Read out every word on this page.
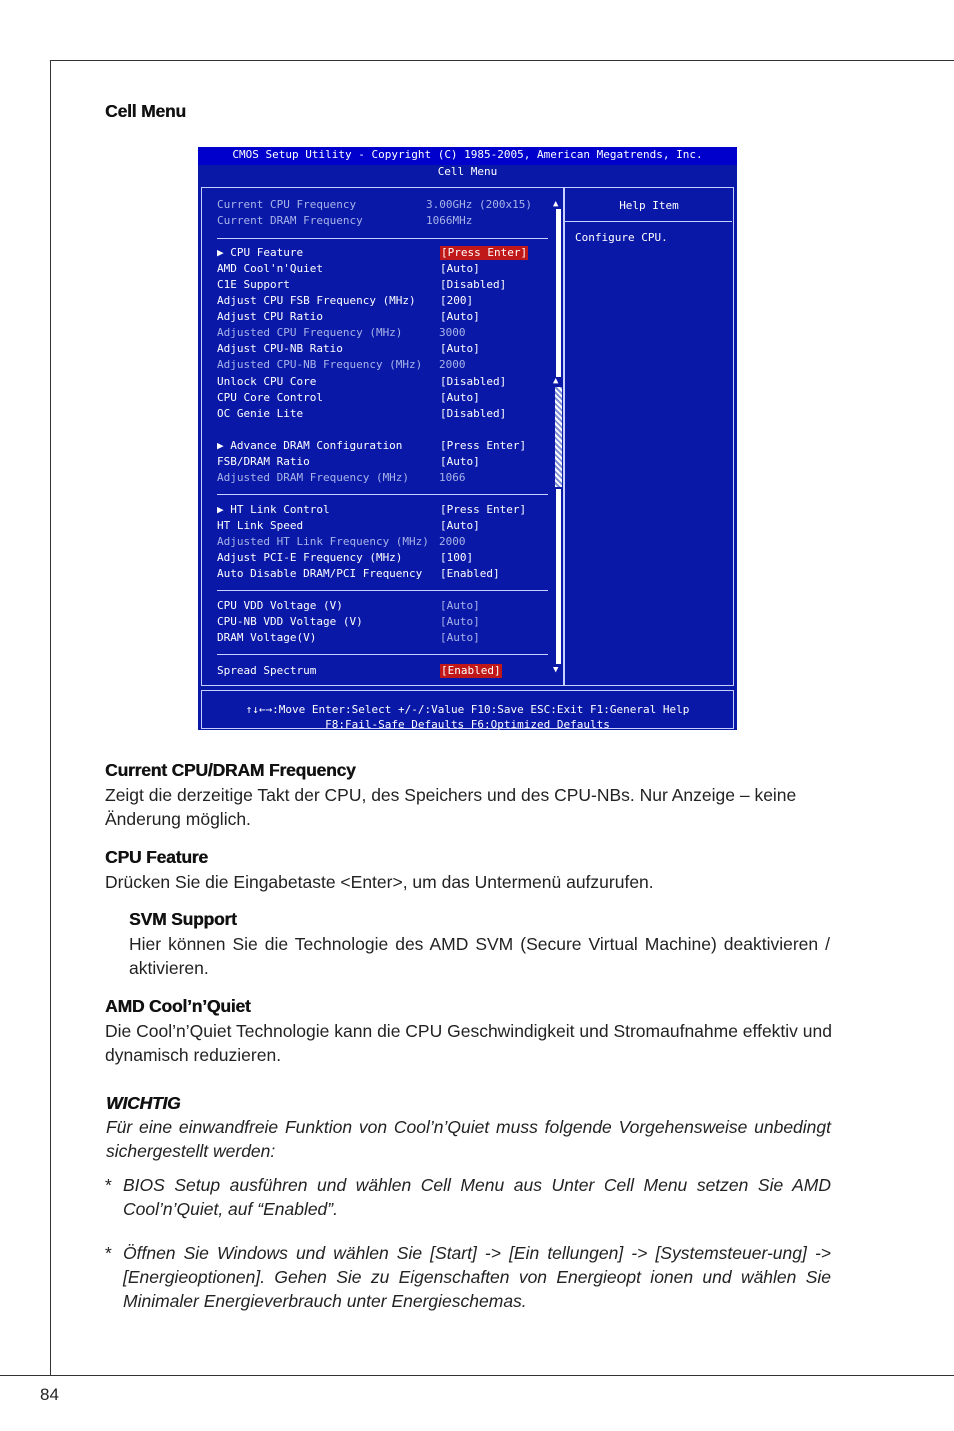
Cell Menu
CMOS Setup Utility - Copyright (C) 1985-2005, American Megatrends, Inc.
Cell Menu
Current CPU Frequency	3.00GHz (200x15)
Current DRAM Frequency	1066MHz
▶ CPU Feature	[Press Enter]
AMD Cool'n'Quiet	[Auto]
C1E Support	[Disabled]
Adjust CPU FSB Frequency (MHz) [200]
Adjust CPU Ratio	[Auto]
Adjusted CPU Frequency (MHz)	3000
Adjust CPU-NB Ratio	[Auto]
Adjusted CPU-NB Frequency (MHz) 2000
Unlock CPU Core	[Disabled]
CPU Core Control	[Auto]
OC Genie Lite	[Disabled]
▶ Advance DRAM Configuration	[Press Enter]
FSB/DRAM Ratio	[Auto]
Adjusted DRAM Frequency (MHz)	1066
▶ HT Link Control	[Press Enter]
HT Link Speed	[Auto]
Adjusted HT Link Frequency (MHz) 2000
Adjust PCI-E Frequency (MHz)	[100]
Auto Disable DRAM/PCI Frequency [Enabled]
CPU VDD Voltage (V)	[Auto]
CPU-NB VDD Voltage (V)	[Auto]
DRAM Voltage(V)	[Auto]
Spread Spectrum	[Enabled]
▲
▲
▼
Help Item
Configure CPU.
↑↓←→:Move Enter:Select +/-/:Value F10:Save ESC:Exit F1:General Help
F8:Fail-Safe Defaults F6:Optimized Defaults
Current CPU/DRAM Frequency
Zeigt die derzeitige Takt der CPU, des Speichers und des CPU-NBs. Nur Anzeige – keine Änderung möglich.
CPU Feature
Drücken Sie die Eingabetaste <Enter>, um das Untermenü aufzurufen.
SVM Support
Hier können Sie die Technologie des AMD SVM (Secure Virtual Machine) deaktivieren / aktivieren.
AMD Cool’n’Quiet
Die Cool’n’Quiet Technologie kann die CPU Geschwindigkeit und Stromaufnahme effektiv und dynamisch reduzieren.
WICHTIG
Für eine einwandfreie Funktion von Cool’n’Quiet muss folgende Vorgehensweise unbedingt sichergestellt werden:
* BIOS Setup ausführen und wählen Cell Menu aus Unter Cell Menu setzen Sie AMD Cool’n’Quiet, auf “Enabled”.
* Öffnen Sie Windows und wählen Sie [Start] -> [Ein tellungen] -> [Systemsteuer-ung] -> [Energieoptionen]. Gehen Sie zu Eigenschaften von Energieopt ionen und wählen Sie Minimaler Energieverbrauch unter Energieschemas.
84
